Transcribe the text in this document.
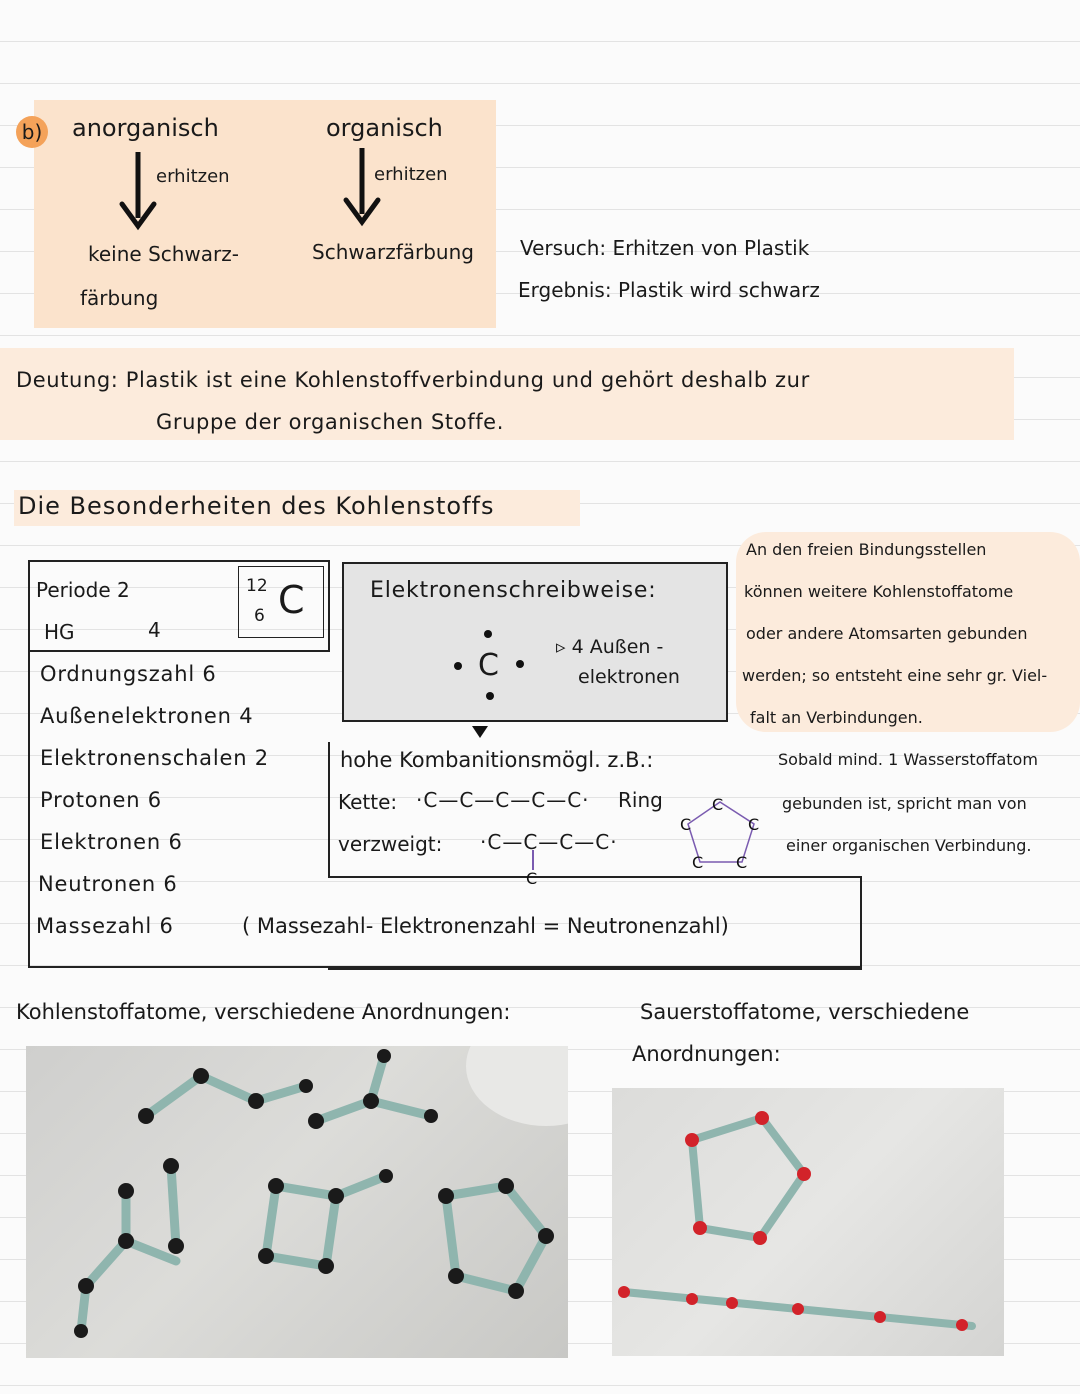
b) anorganisch
erhitzen
keine Schwarz-
färbung
organisch
erhitzen
Schwarzfärbung Versuch: Erhitzen von Plastik
Ergebnis: Plastik wird schwarz
Deutung: Plastik ist eine Kohlenstoffverbindung und gehört deshalb zur
Gruppe der organischen Stoffe.
Die Besonderheiten des Kohlenstoffs
Periode 2
HG	4
12
6 C
Ordnungszahl 6
Außenelektronen 4
Elektronenschalen 2
Protonen 6
Elektronen 6
Neutronen 6
Massezahl 6	( Massezahl- Elektronenzahl = Neutronenzahl)
Elektronenschreibweise:
C
▹ 4 Außen -
elektronen
hohe Kombanitionsmögl. z.B.:
Kette: ·C—C—C—C—C· Ring
verzweigt: ·C—C—C—C·
C
C
C
C
C
C
An den freien Bindungsstellen
können weitere Kohlenstoffatome
oder andere Atomsarten gebunden
werden; so entsteht eine sehr gr. Viel-
falt an Verbindungen.
Sobald mind. 1 Wasserstoffatom
gebunden ist, spricht man von
einer organischen Verbindung.
Kohlenstoffatome, verschiedene Anordnungen:	Sauerstoffatome, verschiedene
Anordnungen:
